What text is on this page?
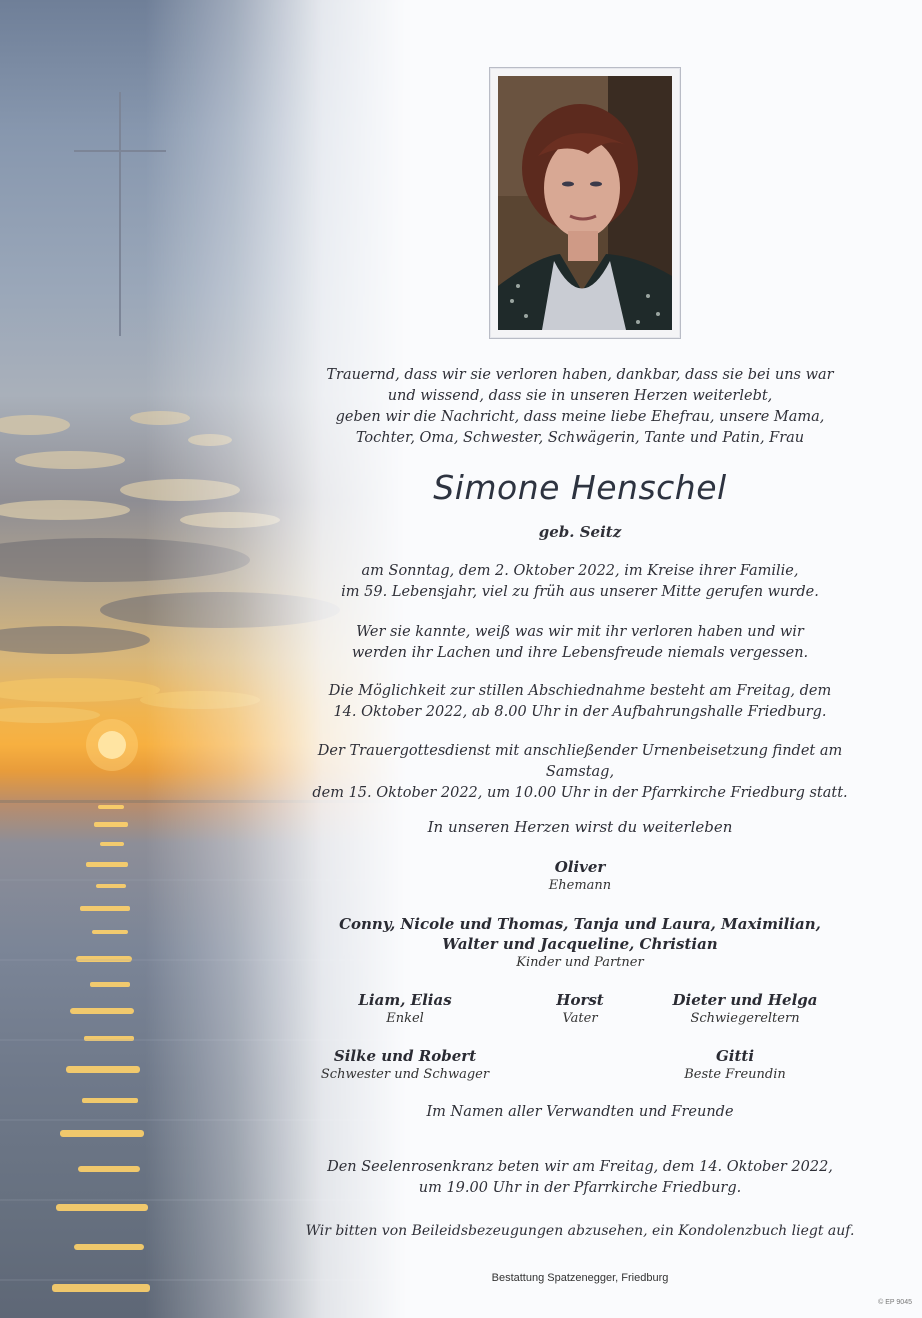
Trauernd, dass wir sie verloren haben, dankbar, dass sie bei uns war
und wissend, dass sie in unseren Herzen weiterlebt,
geben wir die Nachricht, dass meine liebe Ehefrau, unsere Mama,
Tochter, Oma, Schwester, Schwägerin, Tante und Patin, Frau
Simone Henschel
geb. Seitz
am Sonntag, dem 2. Oktober 2022, im Kreise ihrer Familie,
im 59. Lebensjahr, viel zu früh aus unserer Mitte gerufen wurde.
Wer sie kannte, weiß was wir mit ihr verloren haben und wir
werden ihr Lachen und ihre Lebensfreude niemals vergessen.
Die Möglichkeit zur stillen Abschiednahme besteht am Freitag, dem
14. Oktober 2022, ab 8.00 Uhr in der Aufbahrungshalle Friedburg.
Der Trauergottesdienst mit anschließender Urnenbeisetzung findet am Samstag,
dem 15. Oktober 2022, um 10.00 Uhr in der Pfarrkirche Friedburg statt.
In unseren Herzen wirst du weiterleben
Oliver
Ehemann
Conny, Nicole und Thomas, Tanja und Laura, Maximilian,
Walter und Jacqueline, Christian
Kinder und Partner
Liam, Elias
Enkel
Horst
Vater
Dieter und Helga
Schwiegereltern
Silke und Robert
Schwester und Schwager
Gitti
Beste Freundin
Im Namen aller Verwandten und Freunde
Den Seelenrosenkranz beten wir am Freitag, dem 14. Oktober 2022,
um 19.00 Uhr in der Pfarrkirche Friedburg.
Wir bitten von Beileidsbezeugungen abzusehen, ein Kondolenzbuch liegt auf.
Bestattung Spatzenegger, Friedburg
© EP 9045
